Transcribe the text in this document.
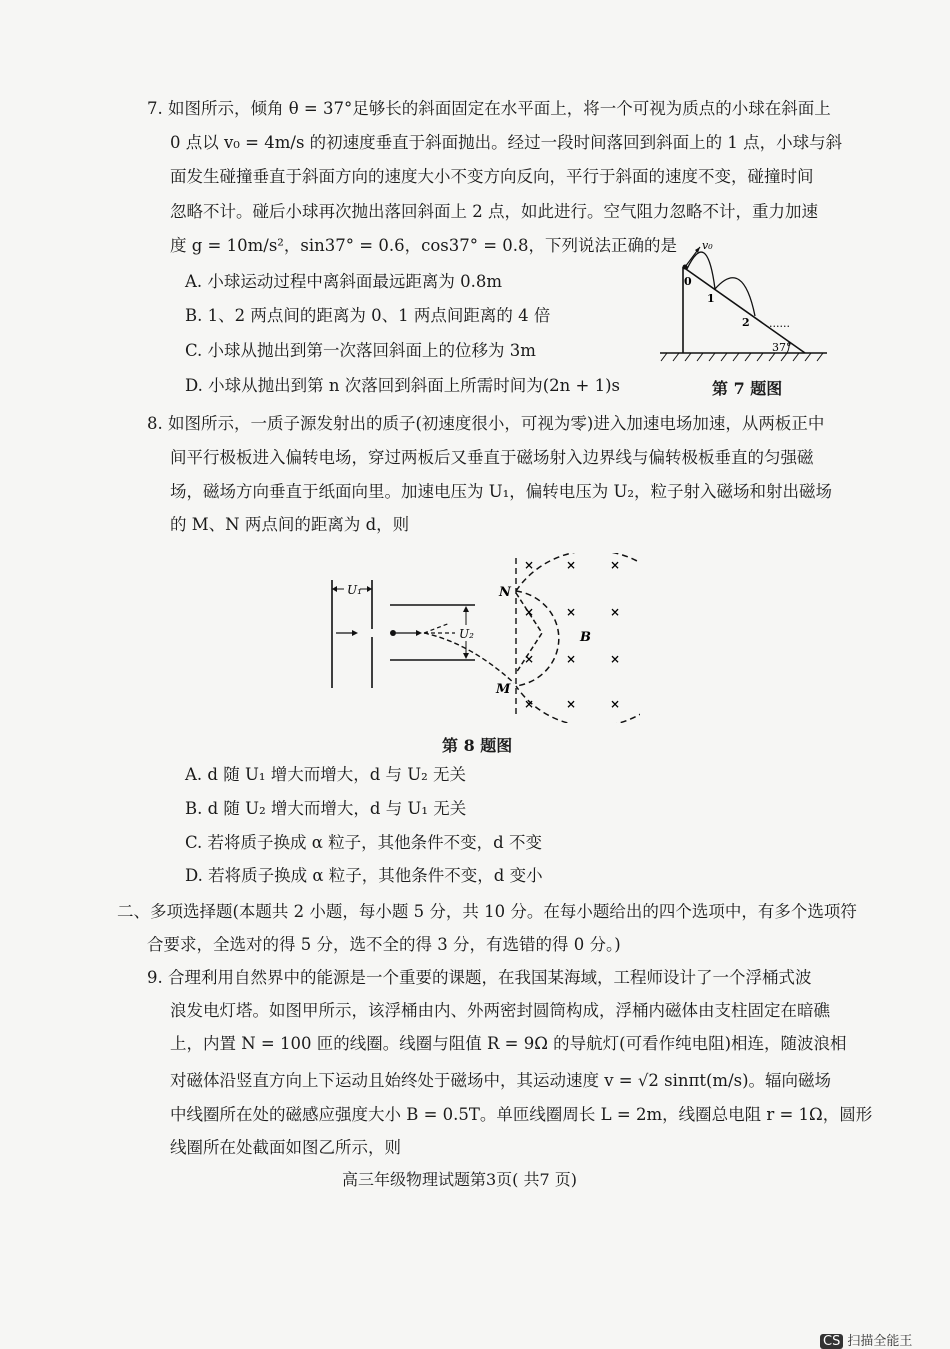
7. 如图所示，倾角 θ = 37°足够长的斜面固定在水平面上，将一个可视为质点的小球在斜面上
0 点以 v₀ = 4m/s 的初速度垂直于斜面抛出。经过一段时间落回到斜面上的 1 点，小球与斜
面发生碰撞垂直于斜面方向的速度大小不变方向反向，平行于斜面的速度不变，碰撞时间
忽略不计。碰后小球再次抛出落回斜面上 2 点，如此进行。空气阻力忽略不计，重力加速
度 g = 10m/s²，sin37° = 0.6，cos37° = 0.8，下列说法正确的是
A. 小球运动过程中离斜面最远距离为 0.8m
B. 1、2 两点间的距离为 0、1 两点间距离的 4 倍
C. 小球从抛出到第一次落回斜面上的位移为 3m
D. 小球从抛出到第 n 次落回到斜面上所需时间为(2n + 1)s
37°
v₀
0
1
2 ......
第 7 题图
8. 如图所示，一质子源发射出的质子(初速度很小，可视为零)进入加速电场加速，从两板正中
间平行极板进入偏转电场，穿过两板后又垂直于磁场射入边界线与偏转极板垂直的匀强磁
场，磁场方向垂直于纸面向里。加速电压为 U₁，偏转电压为 U₂，粒子射入磁场和射出磁场
的 M、N 两点间的距离为 d，则
U₁
U₂
N
M
B
×	×	×
×	×	×
×	×	×
×	×	×
第 8 题图
A. d 随 U₁ 增大而增大，d 与 U₂ 无关
B. d 随 U₂ 增大而增大，d 与 U₁ 无关
C. 若将质子换成 α 粒子，其他条件不变，d 不变
D. 若将质子换成 α 粒子，其他条件不变，d 变小
二、多项选择题(本题共 2 小题，每小题 5 分，共 10 分。在每小题给出的四个选项中，有多个选项符
合要求，全选对的得 5 分，选不全的得 3 分，有选错的得 0 分。)
9. 合理利用自然界中的能源是一个重要的课题，在我国某海域，工程师设计了一个浮桶式波
浪发电灯塔。如图甲所示，该浮桶由内、外两密封圆筒构成，浮桶内磁体由支柱固定在暗礁
上，内置 N = 100 匝的线圈。线圈与阻值 R = 9Ω 的导航灯(可看作纯电阻)相连，随波浪相
对磁体沿竖直方向上下运动且始终处于磁场中，其运动速度 v = √2 sinπt(m/s)。辐向磁场
中线圈所在处的磁感应强度大小 B = 0.5T。单匝线圈周长 L = 2m，线圈总电阻 r = 1Ω，圆形
线圈所在处截面如图乙所示，则
高三年级物理试题第3页( 共7 页)
CS 扫描全能王
